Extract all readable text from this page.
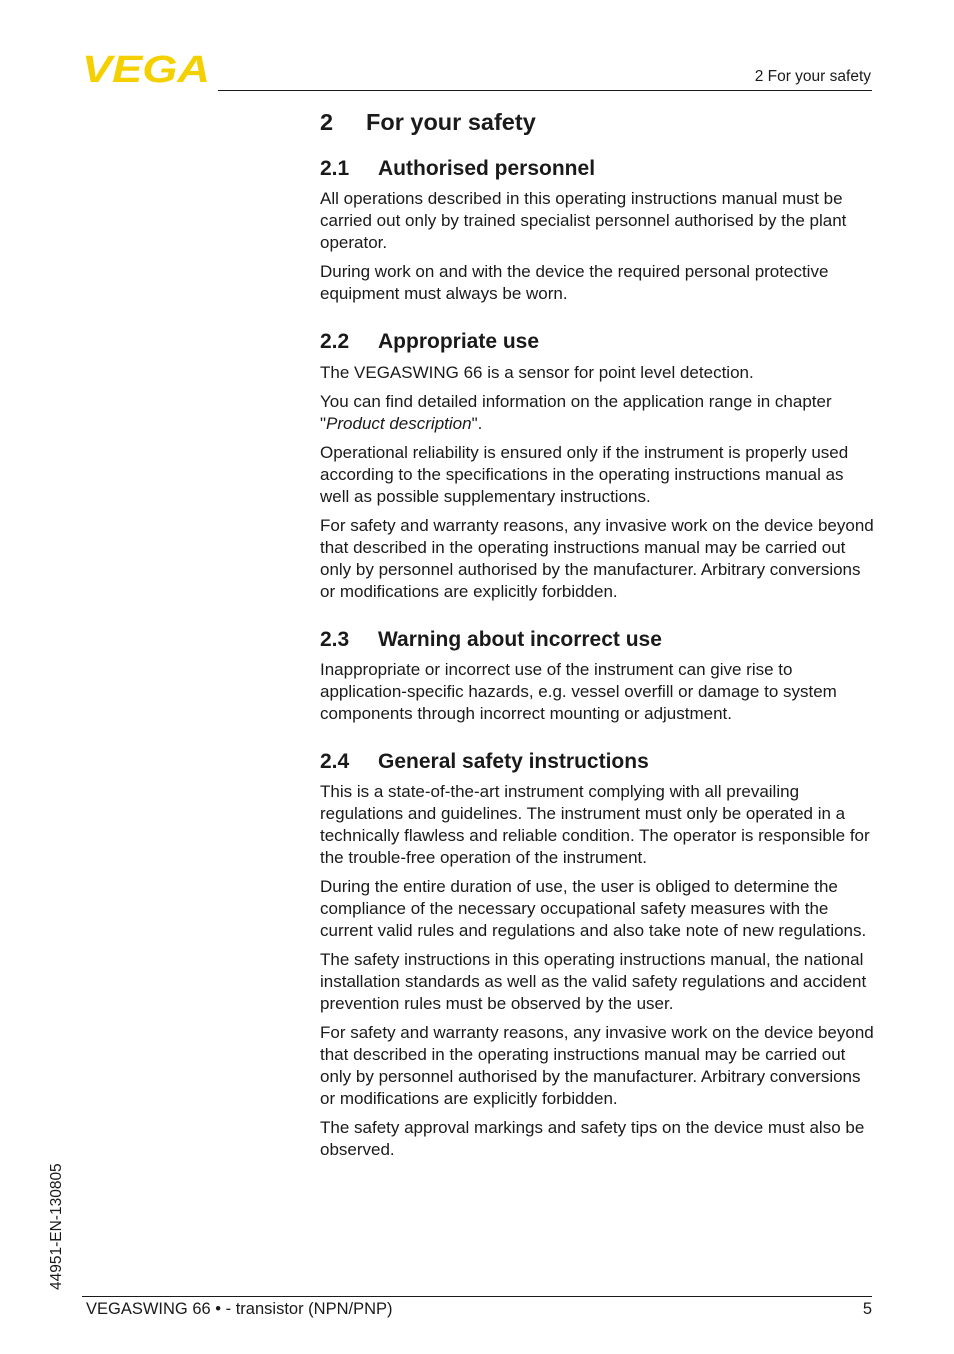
VEGA	2 For your safety
2	For your safety
2.1	Authorised personnel

All operations described in this operating instructions manual must be carried out only by trained specialist personnel authorised by the plant operator.

During work on and with the device the required personal protective equipment must always be worn.

2.2	Appropriate use

The VEGASWING 66 is a sensor for point level detection.

You can find detailed information on the application range in chapter "Product description".

Operational reliability is ensured only if the instrument is properly used according to the specifications in the operating instructions manual as well as possible supplementary instructions.

For safety and warranty reasons, any invasive work on the device beyond that described in the operating instructions manual may be carried out only by personnel authorised by the manufacturer. Arbitrary conversions or modifications are explicitly forbidden.

2.3	Warning about incorrect use

Inappropriate or incorrect use of the instrument can give rise to application-specific hazards, e.g. vessel overfill or damage to system components through incorrect mounting or adjustment.

2.4	General safety instructions

This is a state-of-the-art instrument complying with all prevailing regulations and guidelines. The instrument must only be operated in a technically flawless and reliable condition. The operator is responsible for the trouble-free operation of the instrument.

During the entire duration of use, the user is obliged to determine the compliance of the necessary occupational safety measures with the current valid rules and regulations and also take note of new regulations.

The safety instructions in this operating instructions manual, the national installation standards as well as the valid safety regulations and accident prevention rules must be observed by the user.

For safety and warranty reasons, any invasive work on the device beyond that described in the operating instructions manual may be carried out only by personnel authorised by the manufacturer. Arbitrary conversions or modifications are explicitly forbidden.

The safety approval markings and safety tips on the device must also be observed.

44951-EN-130805
VEGASWING 66 • - transistor (NPN/PNP)	5
